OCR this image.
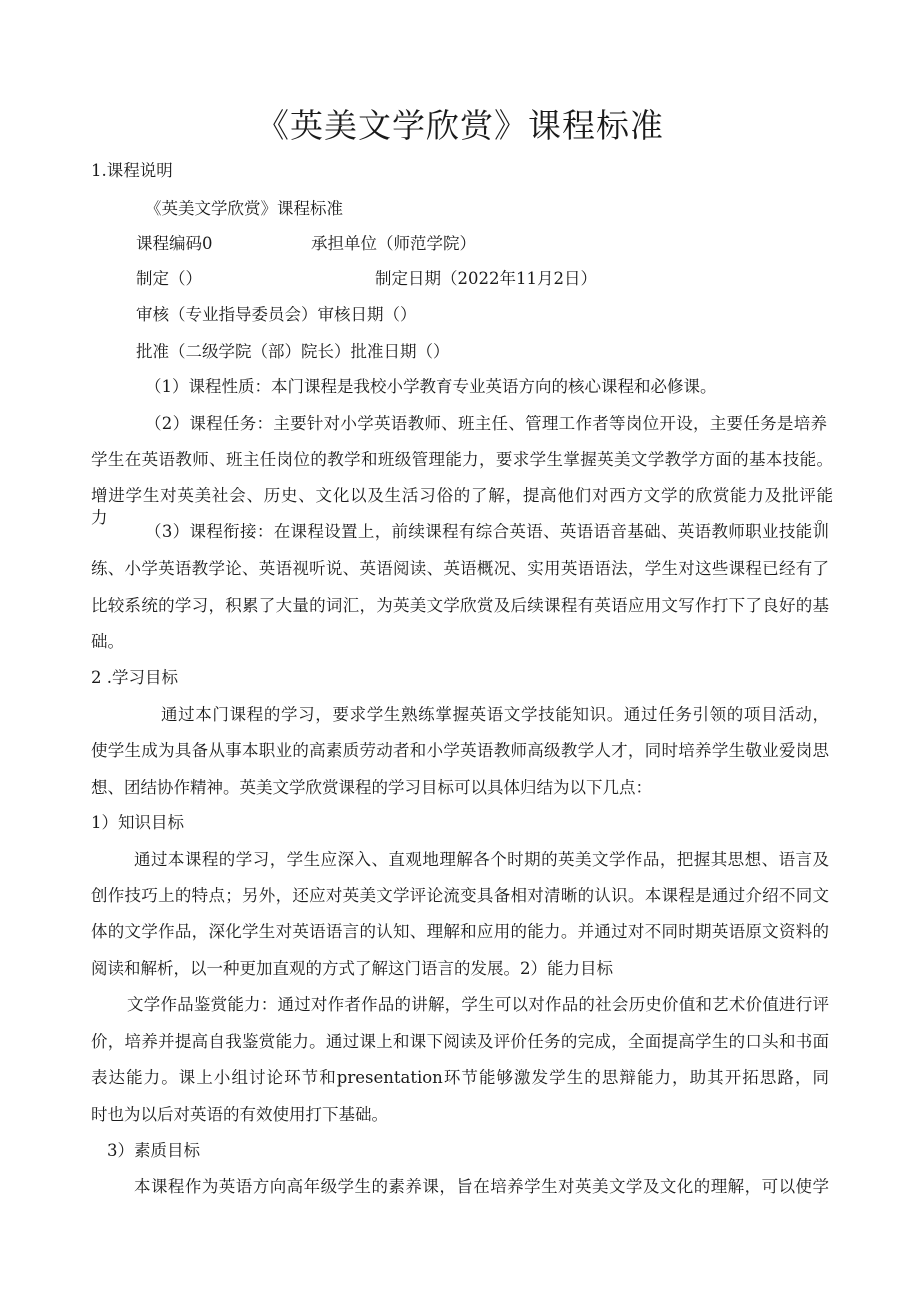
《英美文学欣赏》课程标准

1.课程说明

《英美文学欣赏》课程标准

课程编码0	承担单位（师范学院）

制定（）	制定日期（2022年11月2日）

审核（专业指导委员会）审核日期（）

批准（二级学院（部）院长）批准日期（）

（1）课程性质：本门课程是我校小学教育专业英语方向的核心课程和必修课。

（2）课程任务：主要针对小学英语教师、班主任、管理工作者等岗位开设，主要任务是培养

学生在英语教师、班主任岗位的教学和班级管理能力，要求学生掌握英美文学教学方面的基本技能。

增进学生对英美社会、历史、文化以及生活习俗的了解，提高他们对西方文学的欣赏能力及批评能力。

（3）课程衔接：在课程设置上，前续课程有综合英语、英语语音基础、英语教师职业技能训

练、小学英语教学论、英语视听说、英语阅读、英语概况、实用英语语法，学生对这些课程已经有了

比较系统的学习，积累了大量的词汇，为英美文学欣赏及后续课程有英语应用文写作打下了良好的基

础。

2 .学习目标

通过本门课程的学习，要求学生熟练掌握英语文学技能知识。通过任务引领的项目活动，

使学生成为具备从事本职业的高素质劳动者和小学英语教师高级教学人才，同时培养学生敬业爱岗思

想、团结协作精神。英美文学欣赏课程的学习目标可以具体归结为以下几点：

1）知识目标

通过本课程的学习，学生应深入、直观地理解各个时期的英美文学作品，把握其思想、语言及

创作技巧上的特点；另外，还应对英美文学评论流变具备相对清晰的认识。本课程是通过介绍不同文

体的文学作品，深化学生对英语语言的认知、理解和应用的能力。并通过对不同时期英语原文资料的

阅读和解析，以一种更加直观的方式了解这门语言的发展。2）能力目标

文学作品鉴赏能力：通过对作者作品的讲解，学生可以对作品的社会历史价值和艺术价值进行评

价，培养并提高自我鉴赏能力。通过课上和课下阅读及评价任务的完成，全面提高学生的口头和书面

表达能力。课上小组讨论环节和presentation环节能够激发学生的思辩能力，助其开拓思路，同

时也为以后对英语的有效使用打下基础。

3）素质目标

本课程作为英语方向高年级学生的素养课，旨在培养学生对英美文学及文化的理解，可以使学
